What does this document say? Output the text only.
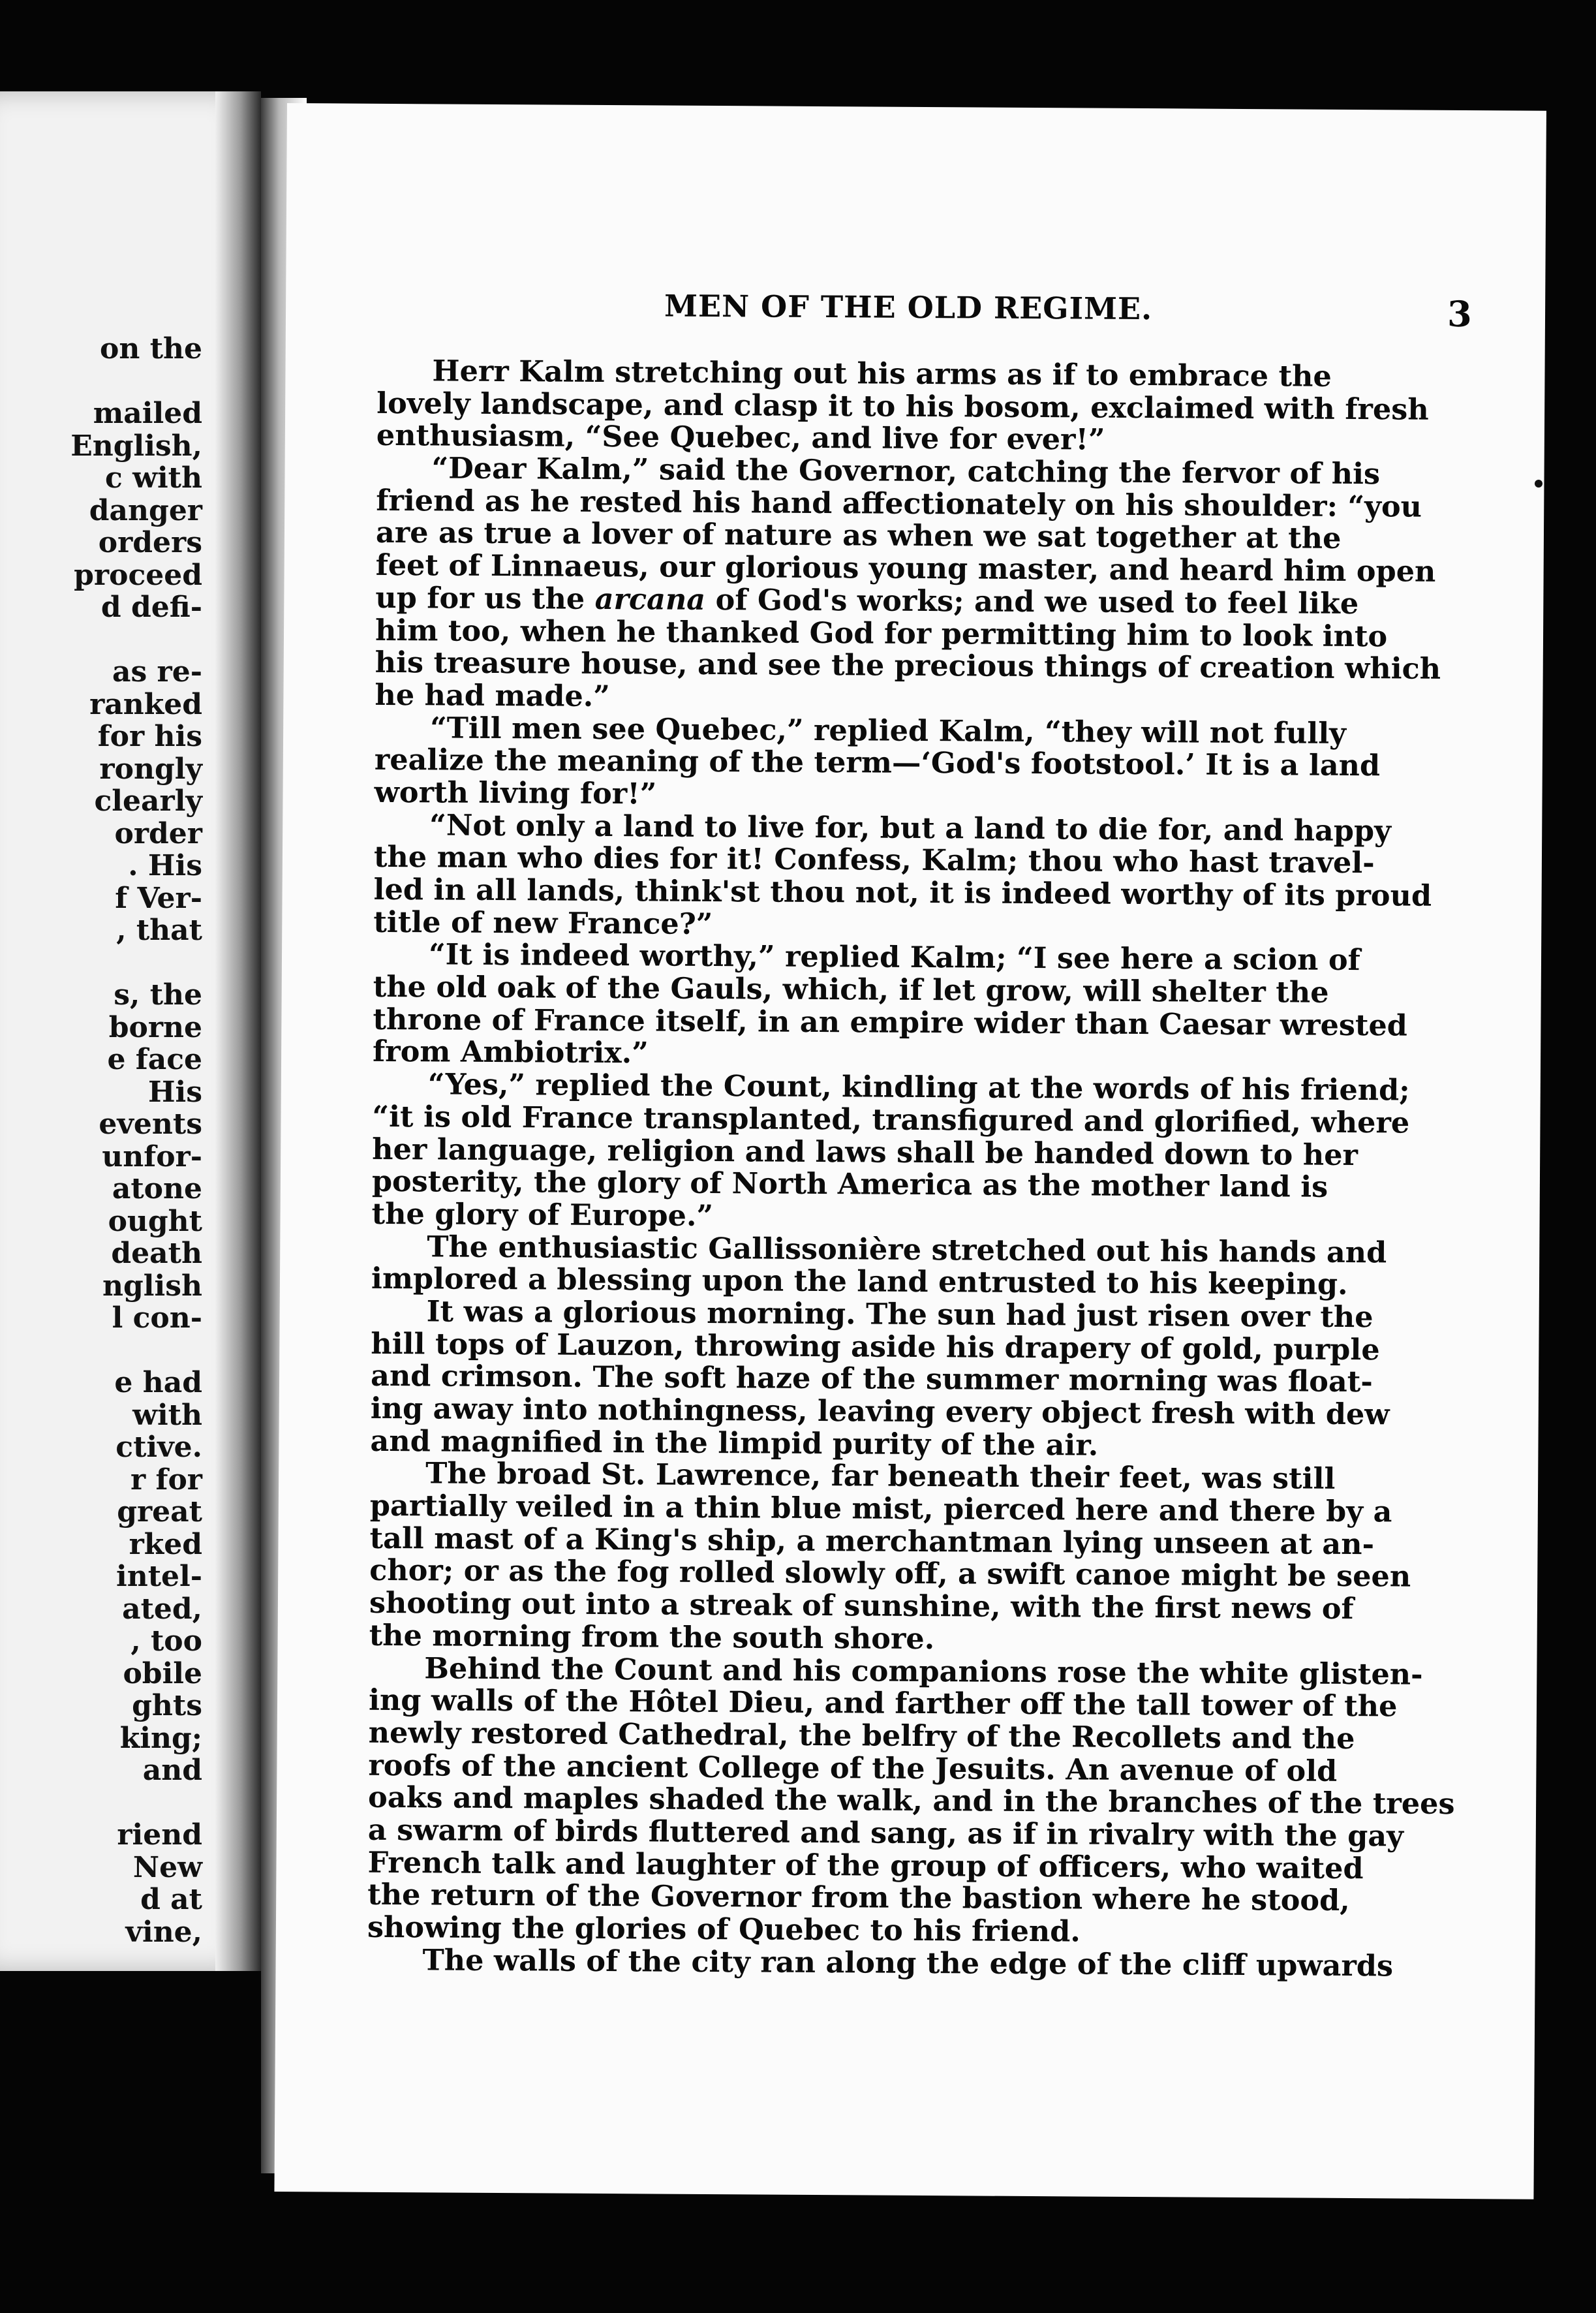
on the
mailed
English,
c with
danger
orders
proceed
d defi-
as re-
ranked
for his
rongly
clearly
order
. His
f Ver-
, that
s, the
borne
e face
His
events
unfor-
atone
ought
death
nglish
l con-
e had
with
ctive.
r for
great
rked
intel-
ated,
, too
obile
ghts
king;
and
riend
New
d at
vine,
MEN OF THE OLD REGIME.	3
Herr Kalm stretching out his arms as if to embrace the
lovely landscape, and clasp it to his bosom, exclaimed with fresh
enthusiasm, “See Quebec, and live for ever!”
“Dear Kalm,” said the Governor, catching the fervor of his
friend as he rested his hand affectionately on his shoulder: “you
are as true a lover of nature as when we sat together at the
feet of Linnaeus, our glorious young master, and heard him open
up for us the arcana of God's works; and we used to feel like
him too, when he thanked God for permitting him to look into
his treasure house, and see the precious things of creation which
he had made.”
“Till men see Quebec,” replied Kalm, “they will not fully
realize the meaning of the term—‘God's footstool.’ It is a land
worth living for!”
“Not only a land to live for, but a land to die for, and happy
the man who dies for it! Confess, Kalm; thou who hast travel-
led in all lands, think'st thou not, it is indeed worthy of its proud
title of new France?”
“It is indeed worthy,” replied Kalm; “I see here a scion of
the old oak of the Gauls, which, if let grow, will shelter the
throne of France itself, in an empire wider than Caesar wrested
from Ambiotrix.”
“Yes,” replied the Count, kindling at the words of his friend;
“it is old France transplanted, transfigured and glorified, where
her language, religion and laws shall be handed down to her
posterity, the glory of North America as the mother land is
the glory of Europe.”
The enthusiastic Gallissonière stretched out his hands and
implored a blessing upon the land entrusted to his keeping.
It was a glorious morning. The sun had just risen over the
hill tops of Lauzon, throwing aside his drapery of gold, purple
and crimson. The soft haze of the summer morning was float-
ing away into nothingness, leaving every object fresh with dew
and magnified in the limpid purity of the air.
The broad St. Lawrence, far beneath their feet, was still
partially veiled in a thin blue mist, pierced here and there by a
tall mast of a King's ship, a merchantman lying unseen at an-
chor; or as the fog rolled slowly off, a swift canoe might be seen
shooting out into a streak of sunshine, with the first news of
the morning from the south shore.
Behind the Count and his companions rose the white glisten-
ing walls of the Hôtel Dieu, and farther off the tall tower of the
newly restored Cathedral, the belfry of the Recollets and the
roofs of the ancient College of the Jesuits. An avenue of old
oaks and maples shaded the walk, and in the branches of the trees
a swarm of birds fluttered and sang, as if in rivalry with the gay
French talk and laughter of the group of officers, who waited
the return of the Governor from the bastion where he stood,
showing the glories of Quebec to his friend.
The walls of the city ran along the edge of the cliff upwards
